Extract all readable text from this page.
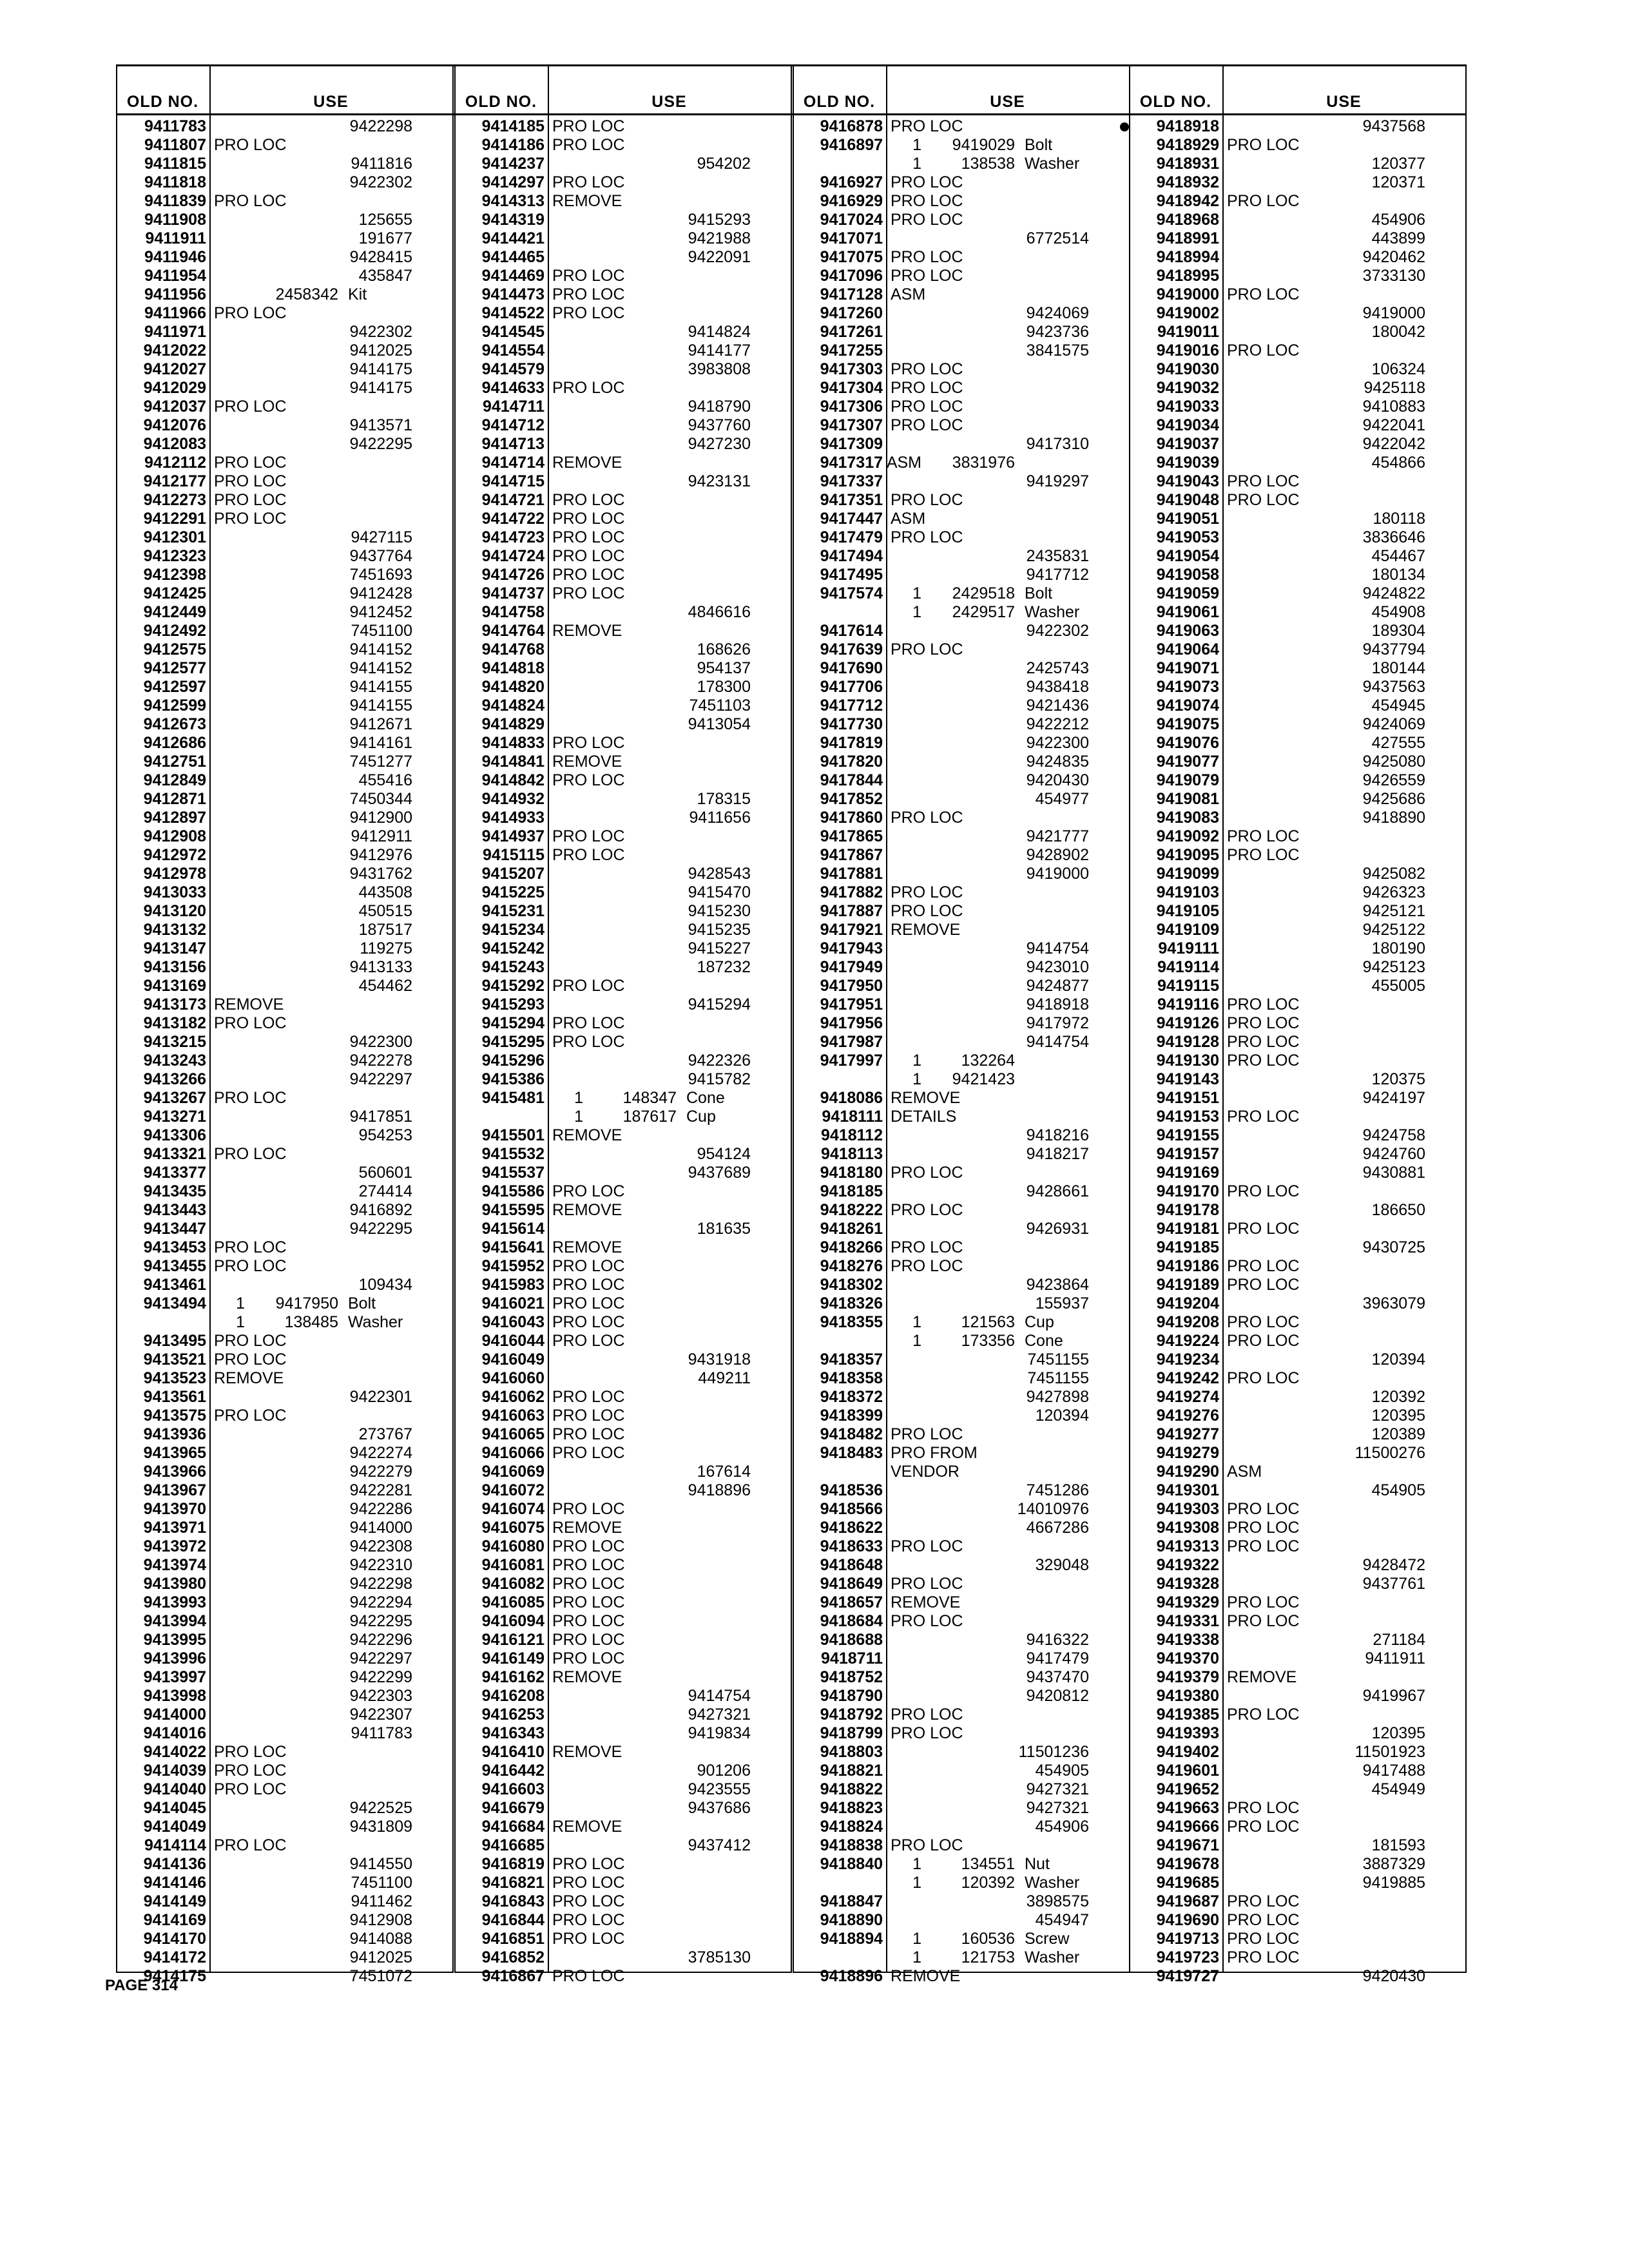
OLD NO.	USE
9411783	9422298
9411807 PRO LOC
9411815	9411816
9411818	9422302
9411839 PRO LOC
9411908	125655
9411911	191677
9411946	9428415
9411954	435847
9411956	2458342 Kit
9411966 PRO LOC
9411971	9422302
9412022	9412025
9412027	9414175
9412029	9414175
9412037 PRO LOC
9412076	9413571
9412083	9422295
9412112 PRO LOC
9412177 PRO LOC
9412273 PRO LOC
9412291 PRO LOC
9412301	9427115
9412323	9437764
9412398	7451693
9412425	9412428
9412449	9412452
9412492	7451100
9412575	9414152
9412577	9414152
9412597	9414155
9412599	9414155
9412673	9412671
9412686	9414161
9412751	7451277
9412849	455416
9412871	7450344
9412897	9412900
9412908	9412911
9412972	9412976
9412978	9431762
9413033	443508
9413120	450515
9413132	187517
9413147	119275
9413156	9413133
9413169	454462
9413173 REMOVE
9413182 PRO LOC
9413215	9422300
9413243	9422278
9413266	9422297
9413267 PRO LOC
9413271	9417851
9413306	954253
9413321 PRO LOC
9413377	560601
9413435	274414
9413443	9416892
9413447	9422295
9413453 PRO LOC
9413455 PRO LOC
9413461	109434
9413494	1	9417950 Bolt
1	138485 Washer
9413495 PRO LOC
9413521 PRO LOC
9413523 REMOVE
9413561	9422301
9413575 PRO LOC
9413936	273767
9413965	9422274
9413966	9422279
9413967	9422281
9413970	9422286
9413971	9414000
9413972	9422308
9413974	9422310
9413980	9422298
9413993	9422294
9413994	9422295
9413995	9422296
9413996	9422297
9413997	9422299
9413998	9422303
9414000	9422307
9414016	9411783
9414022 PRO LOC
9414039 PRO LOC
9414040 PRO LOC
9414045	9422525
9414049	9431809
9414114 PRO LOC
9414136	9414550
9414146	7451100
9414149	9411462
9414169	9412908
9414170	9414088
9414172	9412025
9414175	7451072
OLD NO.	USE
9414185 PRO LOC
9414186 PRO LOC
9414237	954202
9414297 PRO LOC
9414313 REMOVE
9414319	9415293
9414421	9421988
9414465	9422091
9414469 PRO LOC
9414473 PRO LOC
9414522 PRO LOC
9414545	9414824
9414554	9414177
9414579	3983808
9414633 PRO LOC
9414711	9418790
9414712	9437760
9414713	9427230
9414714 REMOVE
9414715	9423131
9414721 PRO LOC
9414722 PRO LOC
9414723 PRO LOC
9414724 PRO LOC
9414726 PRO LOC
9414737 PRO LOC
9414758	4846616
9414764 REMOVE
9414768	168626
9414818	954137
9414820	178300
9414824	7451103
9414829	9413054
9414833 PRO LOC
9414841 REMOVE
9414842 PRO LOC
9414932	178315
9414933	9411656
9414937 PRO LOC
9415115 PRO LOC
9415207	9428543
9415225	9415470
9415231	9415230
9415234	9415235
9415242	9415227
9415243	187232
9415292 PRO LOC
9415293	9415294
9415294 PRO LOC
9415295 PRO LOC
9415296	9422326
9415386	9415782
9415481	1	148347 Cone
1	187617 Cup
9415501 REMOVE
9415532	954124
9415537	9437689
9415586 PRO LOC
9415595 REMOVE
9415614	181635
9415641 REMOVE
9415952 PRO LOC
9415983 PRO LOC
9416021 PRO LOC
9416043 PRO LOC
9416044 PRO LOC
9416049	9431918
9416060	449211
9416062 PRO LOC
9416063 PRO LOC
9416065 PRO LOC
9416066 PRO LOC
9416069	167614
9416072	9418896
9416074 PRO LOC
9416075 REMOVE
9416080 PRO LOC
9416081 PRO LOC
9416082 PRO LOC
9416085 PRO LOC
9416094 PRO LOC
9416121 PRO LOC
9416149 PRO LOC
9416162 REMOVE
9416208	9414754
9416253	9427321
9416343	9419834
9416410 REMOVE
9416442	901206
9416603	9423555
9416679	9437686
9416684 REMOVE
9416685	9437412
9416819 PRO LOC
9416821 PRO LOC
9416843 PRO LOC
9416844 PRO LOC
9416851 PRO LOC
9416852	3785130
9416867 PRO LOC
OLD NO.	USE
9416878 PRO LOC
9416897	1	9419029 Bolt
1	138538 Washer
9416927 PRO LOC
9416929 PRO LOC
9417024 PRO LOC
9417071	6772514
9417075 PRO LOC
9417096 PRO LOC
9417128 ASM
9417260	9424069
9417261	9423736
9417255	3841575
9417303 PRO LOC
9417304 PRO LOC
9417306 PRO LOC
9417307 PRO LOC
9417309	9417310
9417317 ASM	3831976
9417337	9419297
9417351 PRO LOC
9417447 ASM
9417479 PRO LOC
9417494	2435831
9417495	9417712
9417574	1	2429518 Bolt
1	2429517 Washer
9417614	9422302
9417639 PRO LOC
9417690	2425743
9417706	9438418
9417712	9421436
9417730	9422212
9417819	9422300
9417820	9424835
9417844	9420430
9417852	454977
9417860 PRO LOC
9417865	9421777
9417867	9428902
9417881	9419000
9417882 PRO LOC
9417887 PRO LOC
9417921 REMOVE
9417943	9414754
9417949	9423010
9417950	9424877
9417951	9418918
9417956	9417972
9417987	9414754
9417997	1	132264
1	9421423
9418086 REMOVE
9418111 DETAILS
9418112	9418216
9418113	9418217
9418180 PRO LOC
9418185	9428661
9418222 PRO LOC
9418261	9426931
9418266 PRO LOC
9418276 PRO LOC
9418302	9423864
9418326	155937
9418355	1	121563 Cup
1	173356 Cone
9418357	7451155
9418358	7451155
9418372	9427898
9418399	120394
9418482 PRO LOC
9418483 PRO FROM
VENDOR
9418536	7451286
9418566	14010976
9418622	4667286
9418633 PRO LOC
9418648	329048
9418649 PRO LOC
9418657 REMOVE
9418684 PRO LOC
9418688	9416322
9418711	9417479
9418752	9437470
9418790	9420812
9418792 PRO LOC
9418799 PRO LOC
9418803	11501236
9418821	454905
9418822	9427321
9418823	9427321
9418824	454906
9418838 PRO LOC
9418840	1	134551 Nut
1	120392 Washer
9418847	3898575
9418890	454947
9418894	1	160536 Screw
1	121753 Washer
9418896 REMOVE
OLD NO.	USE
9418918	9437568
9418929 PRO LOC
9418931	120377
9418932	120371
9418942 PRO LOC
9418968	454906
9418991	443899
9418994	9420462
9418995	3733130
9419000 PRO LOC
9419002	9419000
9419011	180042
9419016 PRO LOC
9419030	106324
9419032	9425118
9419033	9410883
9419034	9422041
9419037	9422042
9419039	454866
9419043 PRO LOC
9419048 PRO LOC
9419051	180118
9419053	3836646
9419054	454467
9419058	180134
9419059	9424822
9419061	454908
9419063	189304
9419064	9437794
9419071	180144
9419073	9437563
9419074	454945
9419075	9424069
9419076	427555
9419077	9425080
9419079	9426559
9419081	9425686
9419083	9418890
9419092 PRO LOC
9419095 PRO LOC
9419099	9425082
9419103	9426323
9419105	9425121
9419109	9425122
9419111	180190
9419114	9425123
9419115	455005
9419116 PRO LOC
9419126 PRO LOC
9419128 PRO LOC
9419130 PRO LOC
9419143	120375
9419151	9424197
9419153 PRO LOC
9419155	9424758
9419157	9424760
9419169	9430881
9419170 PRO LOC
9419178	186650
9419181 PRO LOC
9419185	9430725
9419186 PRO LOC
9419189 PRO LOC
9419204	3963079
9419208 PRO LOC
9419224 PRO LOC
9419234	120394
9419242 PRO LOC
9419274	120392
9419276	120395
9419277	120389
9419279	11500276
9419290 ASM
9419301	454905
9419303 PRO LOC
9419308 PRO LOC
9419313 PRO LOC
9419322	9428472
9419328	9437761
9419329 PRO LOC
9419331 PRO LOC
9419338	271184
9419370	9411911
9419379 REMOVE
9419380	9419967
9419385 PRO LOC
9419393	120395
9419402	11501923
9419601	9417488
9419652	454949
9419663 PRO LOC
9419666 PRO LOC
9419671	181593
9419678	3887329
9419685	9419885
9419687 PRO LOC
9419690 PRO LOC
9419713 PRO LOC
9419723 PRO LOC
9419727	9420430
PAGE 314
